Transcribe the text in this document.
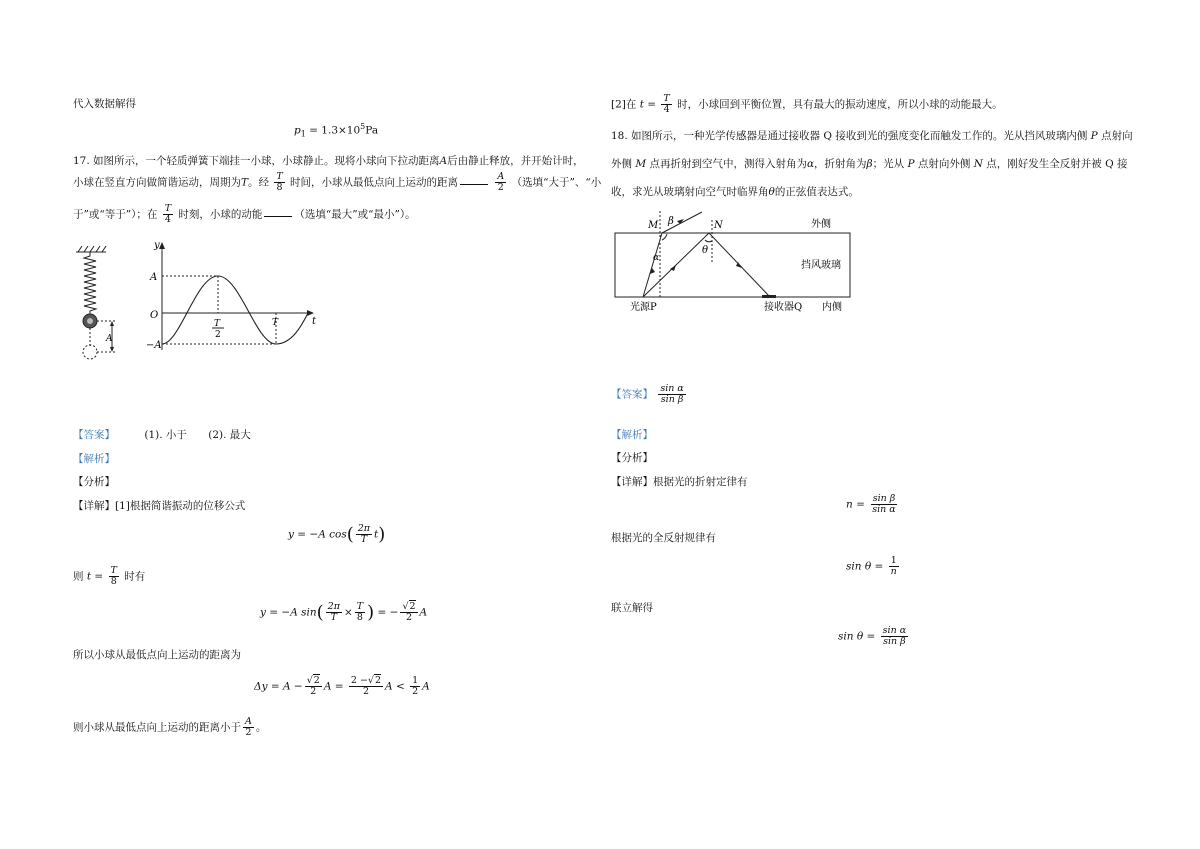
代入数据解得
$p_1 = 1.3\times 10^5Pa$
17. 如图所示，一个轻质弹簧下端挂一小球，小球静止。现将小球向下拉动距离A后由静止释放，并开始计时，
小球在竖直方向做简谐运动，周期为T。经 $\frac{T}{8}$ 时间，小球从最低点向上运动的距离	$\frac{A}{2}$ （选填“大于”、“小
于”或“等于”）；在 $\frac{T}{4}$ 时刻，小球的动能	（选填“最大”或“最小”）。
A
y
t
A
O
−A
T
2
T
【答案】	(1). 小于 (2). 最大
【解析】
【分析】
【详解】[1]根据简谐振动的位移公式
y = −A $\cos( \frac{2\pi}{T} t)$
则 $t = \frac{T}{8}$ 时有
y = −A $\sin( \frac{2\pi}{T} \times \frac{T}{8}$ ) = − $\frac{√2}{2}$ A
所以小球从最低点向上运动的距离为
$\Delta y = A - \frac{√2}{2}$ $A = \frac{2 -√2}{2}$ $A < \frac{1}{2}$ A
则小球从最低点向上运动的距离小于 $\frac{A}{2}$ 。
[2]在 $t = \frac{T}{4}$ 时，小球回到平衡位置，具有最大的振动速度，所以小球的动能最大。
18. 如图所示，一种光学传感器是通过接收器 Q 接收到光的强度变化而触发工作的。光从挡风玻璃内侧 P 点射向
外侧 M 点再折射到空气中，测得入射角为α，折射角为β；光从 P 点射向外侧 N 点，刚好发生全反射并被 Q 接
收，求光从玻璃射向空气时临界角θ的正弦值表达式。
M β	N	外侧
θ
α
挡风玻璃
光源P	接收器Q 内侧
【答案】 $\frac{\text{sin α}}{\text{sin β}}$
【解析】
【分析】
【详解】根据光的折射定律有
$n = \frac{\text{sin β}}{\text{sin α}}$
根据光的全反射规律有
$\sin \theta = \frac{1}{n}$
联立解得
$\sin \theta = \frac{\text{sin α}}{\text{sin β}}$
